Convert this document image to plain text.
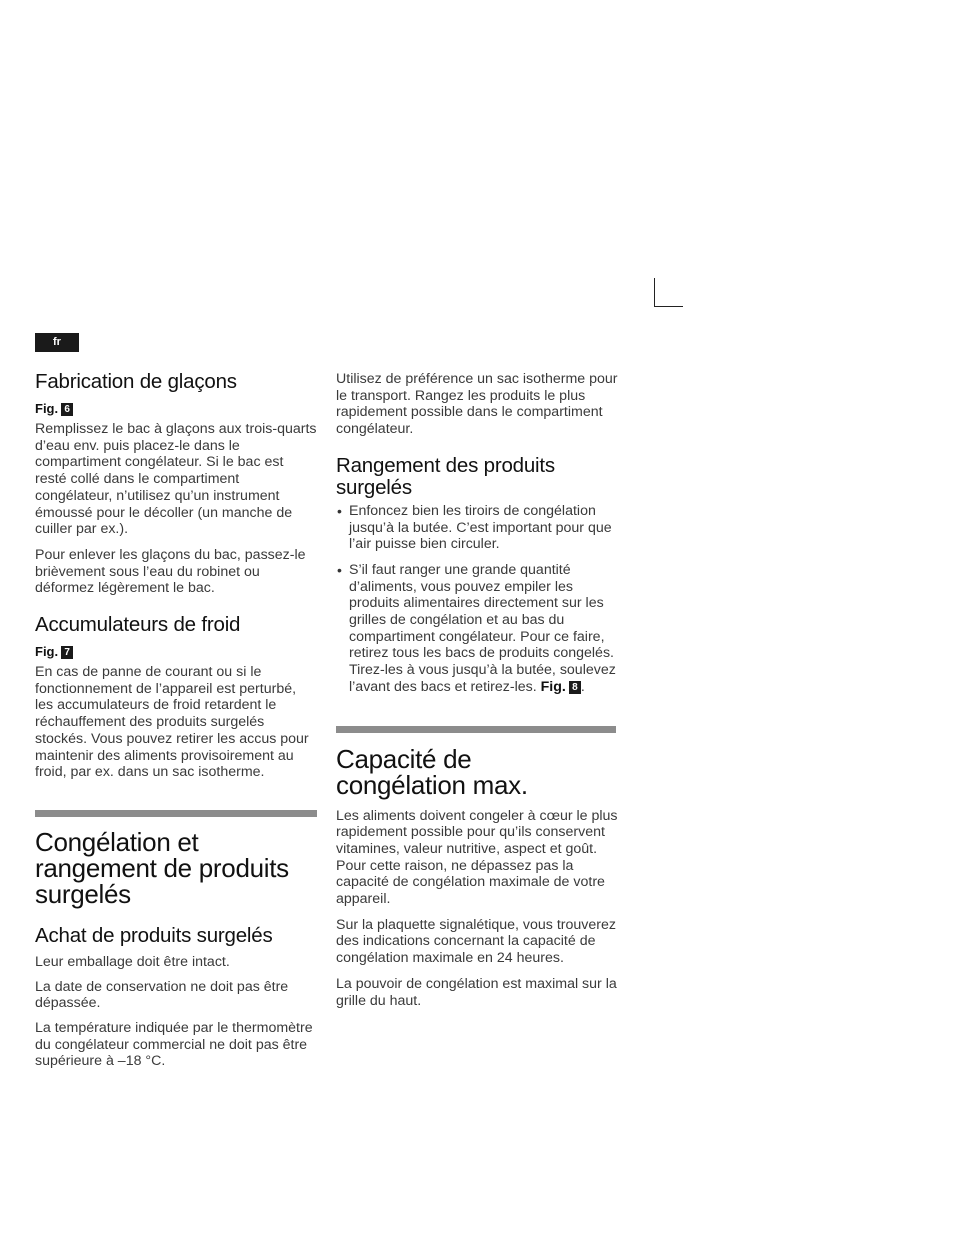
fr
Fabrication de glaçons
Fig. 6

Remplissez le bac à glaçons aux trois-quarts d’eau env. puis placez-le dans le compartiment congélateur. Si le bac est resté collé dans le compartiment congélateur, n’utilisez qu’un instrument émoussé pour le décoller (un manche de cuiller par ex.).

Pour enlever les glaçons du bac, passez-le brièvement sous l’eau du robinet ou déformez légèrement le bac.

Accumulateurs de froid
Fig. 7

En cas de panne de courant ou si le fonctionnement de l’appareil est perturbé, les accumulateurs de froid retardent le réchauffement des produits surgelés stockés. Vous pouvez retirer les accus pour maintenir des aliments provisoirement au froid, par ex. dans un sac isotherme.

Congélation et rangement de produits surgelés
Achat de produits surgelés

Leur emballage doit être intact.

La date de conservation ne doit pas être dépassée.

La température indiquée par le thermomètre du congélateur commercial ne doit pas être supérieure à –18 °C.

Utilisez de préférence un sac isotherme pour le transport. Rangez les produits le plus rapidement possible dans le compartiment congélateur.

Rangement des produits surgelés

• Enfoncez bien les tiroirs de congélation jusqu’à la butée. C’est important pour que l’air puisse bien circuler.

• S’il faut ranger une grande quantité d’aliments, vous pouvez empiler les produits alimentaires directement sur les grilles de congélation et au bas du compartiment congélateur. Pour ce faire, retirez tous les bacs de produits congelés. Tirez-les à vous jusqu’à la butée, soulevez l’avant des bacs et retirez-les. Fig. 8 .

Capacité de congélation max.

Les aliments doivent congeler à cœur le plus rapidement possible pour qu’ils conservent vitamines, valeur nutritive, aspect et goût. Pour cette raison, ne dépassez pas la capacité de congélation maximale de votre appareil.

Sur la plaquette signalétique, vous trouverez des indications concernant la capacité de congélation maximale en 24 heures.

La pouvoir de congélation est maximal sur la grille du haut.
